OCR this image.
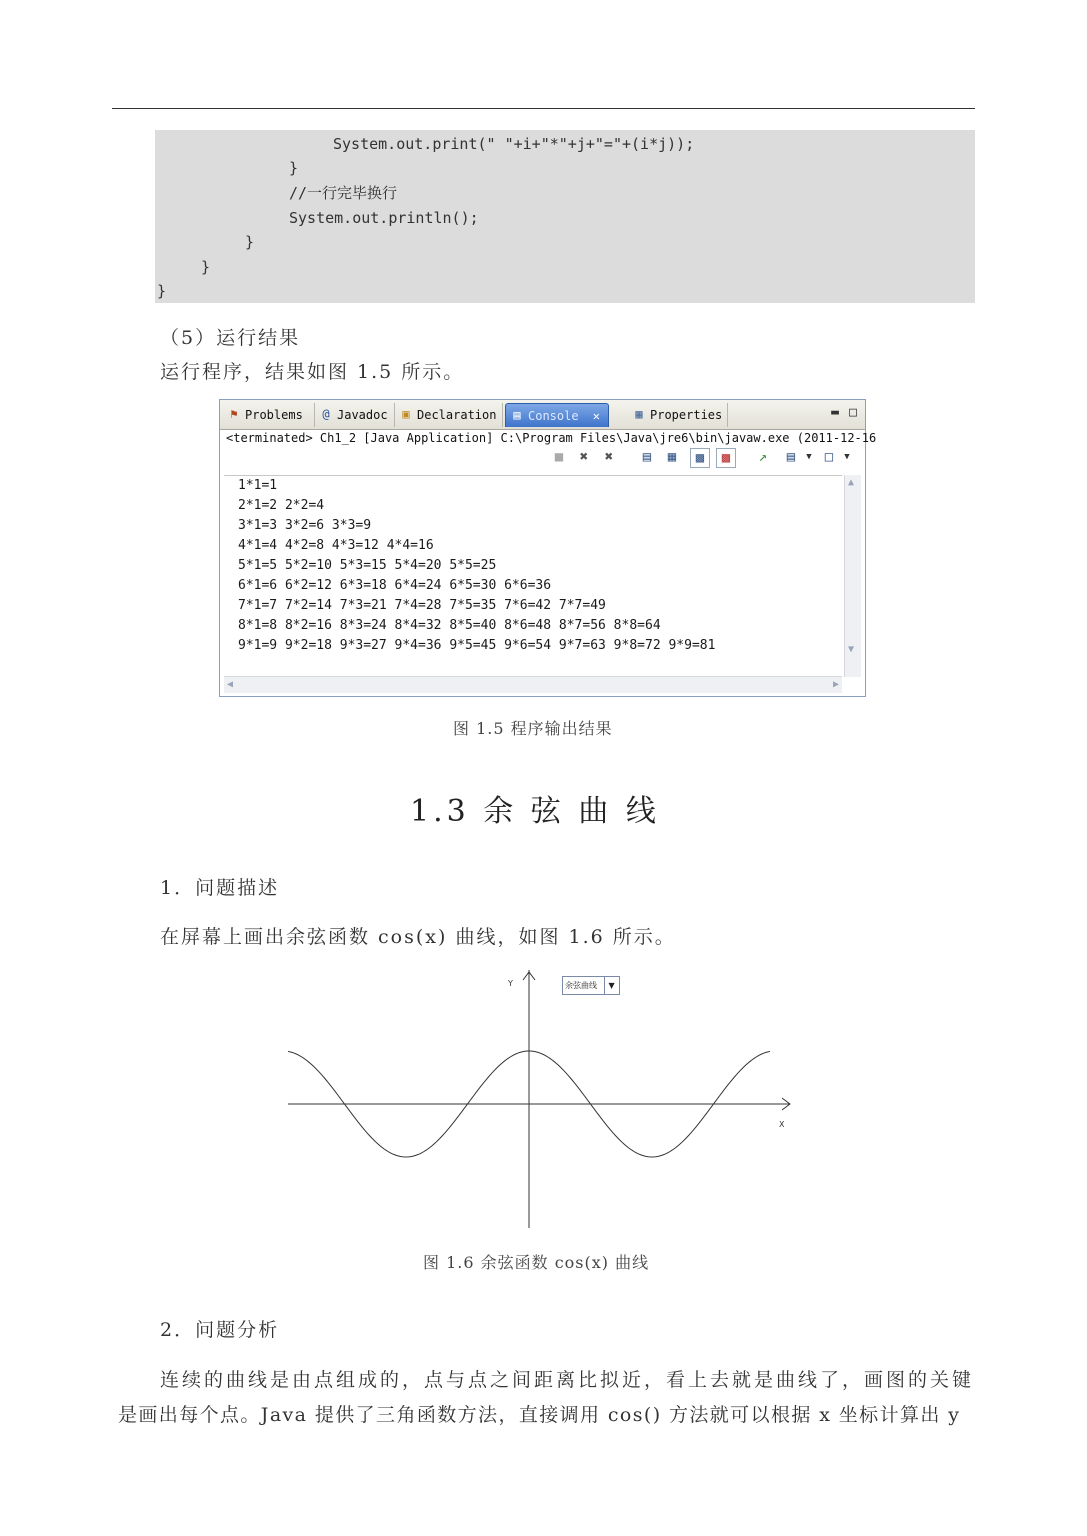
System.out.print(" "+i+"*"+j+"="+(i*j));
}
//一行完毕换行
System.out.println();
}
}
}
（5）运行结果
运行程序，结果如图 1.5 所示。
⚑ Problems	@ Javadoc	▣ Declaration	▤ Console ✕	▦ Properties	▬ □
<terminated> Ch1_2 [Java Application] C:\Program Files\Java\jre6\bin\javaw.exe (2011-12-16
■	✖	✖	▤	▦	▩	▩	↗	▤	▼ □	▼
1*1=1
2*1=2 2*2=4
3*1=3 3*2=6 3*3=9
4*1=4 4*2=8 4*3=12 4*4=16
5*1=5 5*2=10 5*3=15 5*4=20 5*5=25
6*1=6 6*2=12 6*3=18 6*4=24 6*5=30 6*6=36
7*1=7 7*2=14 7*3=21 7*4=28 7*5=35 7*6=42 7*7=49
8*1=8 8*2=16 8*3=24 8*4=32 8*5=40 8*6=48 8*7=56 8*8=64
9*1=9 9*2=18 9*3=27 9*4=36 9*5=45 9*6=54 9*7=63 9*8=72 9*9=81
▲
▼
◀	▶
图 1.5 程序输出结果
1.3 余 弦 曲 线
1．问题描述
在屏幕上画出余弦函数 cos(x) 曲线，如图 1.6 所示。
Y
X
余弦曲线 ▼
图 1.6 余弦函数 cos(x) 曲线
2．问题分析
连续的曲线是由点组成的，点与点之间距离比拟近，看上去就是曲线了，画图的关键
是画出每个点。Java 提供了三角函数方法，直接调用 cos() 方法就可以根据 x 坐标计算出 y
